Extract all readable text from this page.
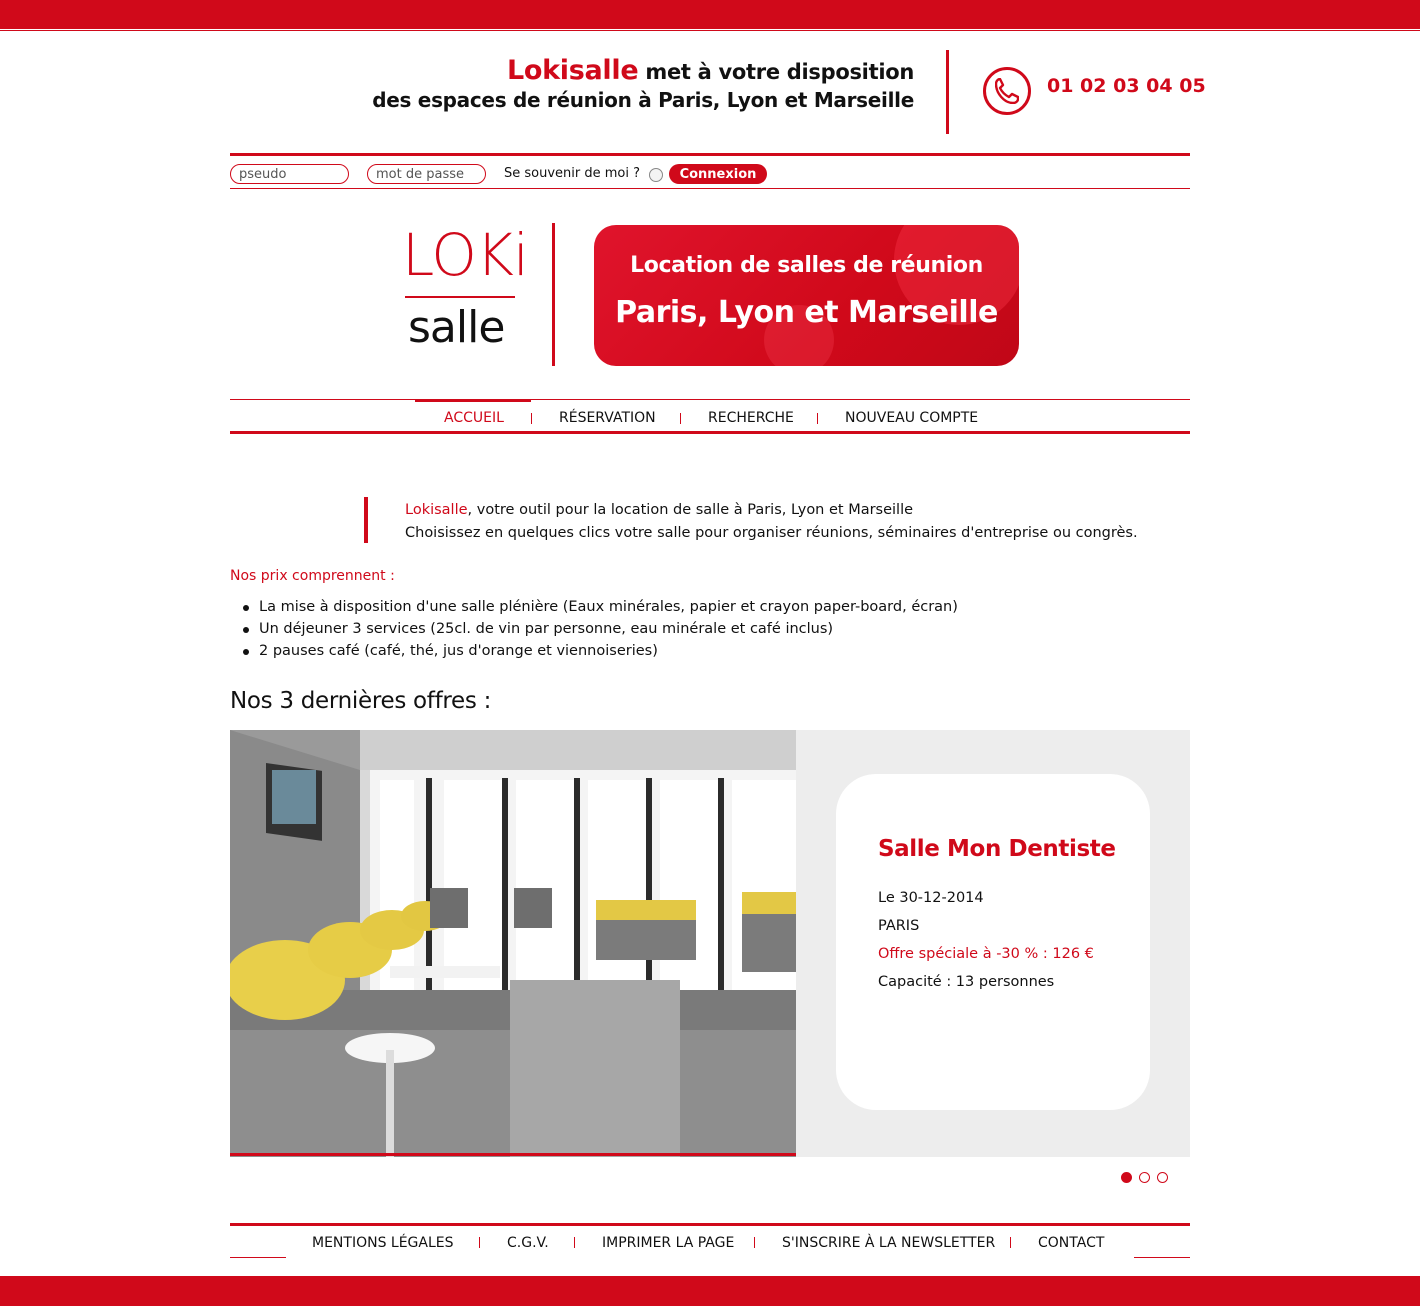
Lokisalle met à votre disposition
des espaces de réunion à Paris, Lyon et Marseille
01 02 03 04 05
pseudo
Se souvenir de moi ?	Connexion
LOKi
salle
Location de salles de réunion
Paris, Lyon et Marseille
ACCUEIL	RÉSERVATION	RECHERCHE	NOUVEAU COMPTE
Lokisalle, votre outil pour la location de salle à Paris, Lyon et Marseille
Choisissez en quelques clics votre salle pour organiser réunions, séminaires d'entreprise ou congrès.
Nos prix comprennent :
La mise à disposition d'une salle plénière (Eaux minérales, papier et crayon paper-board, écran)
Un déjeuner 3 services (25cl. de vin par personne, eau minérale et café inclus)
2 pauses café (café, thé, jus d'orange et viennoiseries)
Nos 3 dernières offres :
Salle Mon Dentiste
Le 30-12-2014
PARIS
Offre spéciale à -30 % : 126 €
Capacité : 13 personnes
MENTIONS LÉGALES	C.G.V.	IMPRIMER LA PAGE	S'INSCRIRE À LA NEWSLETTER	CONTACT
